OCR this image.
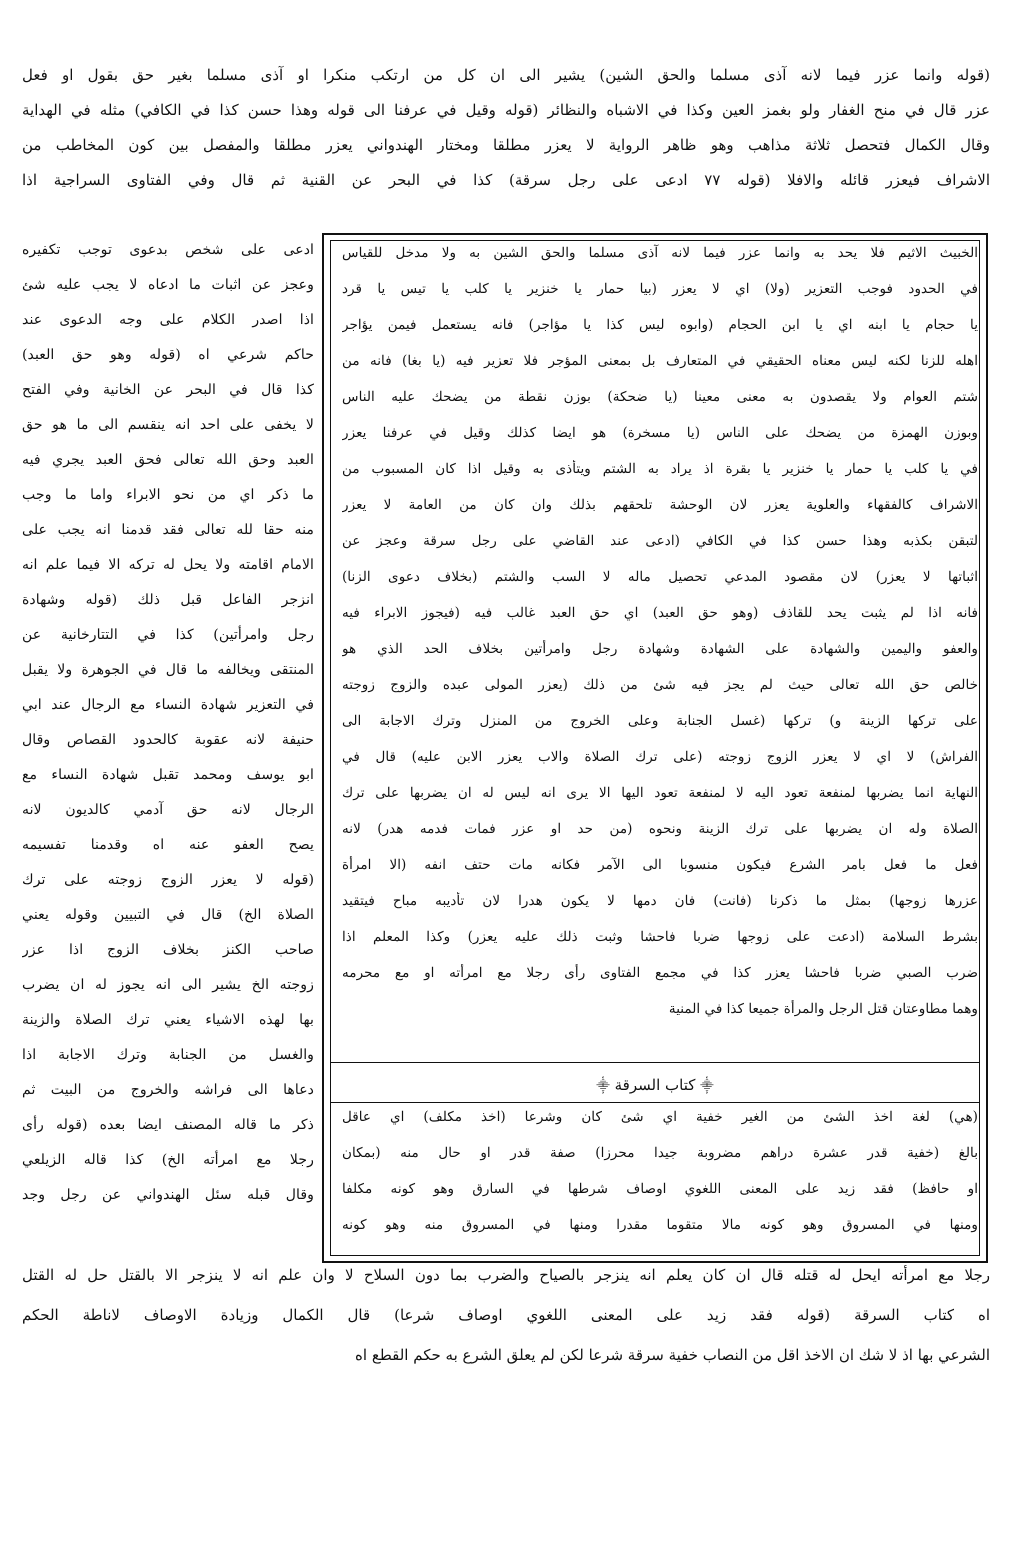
(قوله وانما عزر فيما لانه آذى مسلما والحق الشين) يشير الى ان كل من ارتكب منكرا او آذى مسلما بغير حق بقول او فعل
عزر قال في منح الغفار ولو بغمز العين وكذا في الاشباه والنظائر (قوله وقيل في عرفنا الى قوله وهذا حسن كذا في الكافي) مثله في الهداية
وقال الكمال فتحصل ثلاثة مذاهب وهو ظاهر الرواية لا يعزر مطلقا ومختار الهندواني يعزر مطلقا والمفصل بين كون المخاطب من
الاشراف فيعزر قائله والافلا (قوله ۷۷ ادعى على رجل سرقة) كذا في البحر عن القنية ثم قال وفي الفتاوى السراجية اذا
ادعى على شخص بدعوى توجب تكفيره
وعجز عن اثبات ما ادعاه لا يجب عليه شئ
اذا اصدر الكلام على وجه الدعوى عند
حاكم شرعي اه (قوله وهو حق العبد)
كذا قال في البحر عن الخانية وفي الفتح
لا يخفى على احد انه ينقسم الى ما هو حق
العبد وحق الله تعالى فحق العبد يجري فيه
ما ذكر اي من نحو الابراء واما ما وجب
منه حقا لله تعالى فقد قدمنا انه يجب على
الامام اقامته ولا يحل له تركه الا فيما علم انه
انزجر الفاعل قبل ذلك (قوله وشهادة
رجل وامرأتين) كذا في التتارخانية عن
المنتقى ويخالفه ما قال في الجوهرة ولا يقبل
في التعزير شهادة النساء مع الرجال عند ابي
حنيفة لانه عقوبة كالحدود القصاص وقال
ابو يوسف ومحمد تقبل شهادة النساء مع
الرجال لانه حق آدمي كالديون لانه
يصح العفو عنه اه وقدمنا تفسيمه
(قوله لا يعزر الزوج زوجته على ترك
الصلاة الخ) قال في التبيين وقوله يعني
صاحب الكنز بخلاف الزوج اذا عزر
زوجته الخ يشير الى انه يجوز له ان يضرب
بها لهذه الاشياء يعني ترك الصلاة والزينة
والغسل من الجنابة وترك الاجابة اذا
دعاها الى فراشه والخروج من البيت ثم
ذكر ما قاله المصنف ايضا بعده (قوله رأى
رجلا مع امرأته الخ) كذا قاله الزيلعي
وقال قبله سئل الهندواني عن رجل وجد
الخبيث الاثيم فلا يحد به وانما عزر فيما لانه آذى مسلما والحق الشين به ولا مدخل للقياس
في الحدود فوجب التعزير (ولا) اي لا يعزر (بيا حمار يا خنزير يا كلب يا تيس يا قرد
يا حجام يا ابنه اي يا ابن الحجام (وابوه ليس كذا يا مؤاجر) فانه يستعمل فيمن يؤاجر
اهله للزنا لكنه ليس معناه الحقيقي في المتعارف بل بمعنى المؤجر فلا تعزير فيه (يا بغا) فانه من
شتم العوام ولا يقصدون به معنى معينا (يا ضحكة) بوزن نقطة من يضحك عليه الناس
وبوزن الهمزة من يضحك على الناس (يا مسخرة) هو ايضا كذلك وقيل في عرفنا يعزر
في يا كلب يا حمار يا خنزير يا بقرة اذ يراد به الشتم ويتأذى به وقيل اذا كان المسبوب من
الاشراف كالفقهاء والعلوية يعزر لان الوحشة تلحقهم بذلك وان كان من العامة لا يعزر
لتبقن بكذبه وهذا حسن كذا في الكافي (ادعى عند القاضي على رجل سرقة وعجز عن
اثباتها لا يعزر) لان مقصود المدعي تحصيل ماله لا السب والشتم (بخلاف دعوى الزنا)
فانه اذا لم يثبت يحد للقاذف (وهو حق العبد) اي حق العبد غالب فيه (فيجوز الابراء فيه
والعفو واليمين والشهادة على الشهادة وشهادة رجل وامرأتين بخلاف الحد الذي هو
خالص حق الله تعالى حيث لم يجز فيه شئ من ذلك (يعزر المولى عبده والزوج زوجته
على تركها الزينة و) تركها (غسل الجنابة وعلى الخروج من المنزل وترك الاجابة الى
الفراش) لا اي لا يعزر الزوج زوجته (على ترك الصلاة والاب يعزر الابن عليه) قال في
النهاية انما يضربها لمنفعة تعود اليه لا لمنفعة تعود اليها الا يرى انه ليس له ان يضربها على ترك
الصلاة وله ان يضربها على ترك الزينة ونحوه (من حد او عزر فمات فدمه هدر) لانه
فعل ما فعل بامر الشرع فيكون منسوبا الى الآمر فكانه مات حتف انفه (الا امرأة
عزرها زوجها) بمثل ما ذكرنا (فانت) فان دمها لا يكون هدرا لان تأديبه مباح فيتقيد
بشرط السلامة (ادعت على زوجها ضربا فاحشا وثبت ذلك عليه يعزر) وكذا المعلم اذا
ضرب الصبي ضربا فاحشا يعزر كذا في مجمع الفتاوى رأى رجلا مع امرأته او مع محرمه
وهما مطاوعتان قتل الرجل والمرأة جميعا كذا في المنية
⸎ كتاب السرقة ⸎
(هي) لغة اخذ الشئ من الغير خفية اي شئ كان وشرعا (اخذ مكلف) اي عاقل
بالغ (خفية قدر عشرة دراهم مضروبة جيدا محرزا) صفة قدر او حال منه (بمكان
او حافظ) فقد زيد على المعنى اللغوي اوصاف شرطها في السارق وهو كونه مكلفا
ومنها في المسروق وهو كونه مالا متقوما مقدرا ومنها في المسروق منه وهو كونه
رجلا مع امرأته ايحل له قتله قال ان كان يعلم انه ينزجر بالصياح والضرب بما دون السلاح لا وان علم انه لا ينزجر الا بالقتل حل له القتل
اه كتاب السرقة (قوله فقد زيد على المعنى اللغوي اوصاف شرعا) قال الكمال وزيادة الاوصاف لاناطة الحكم
الشرعي بها اذ لا شك ان الاخذ اقل من النصاب خفية سرقة شرعا لكن لم يعلق الشرع به حكم القطع اه
